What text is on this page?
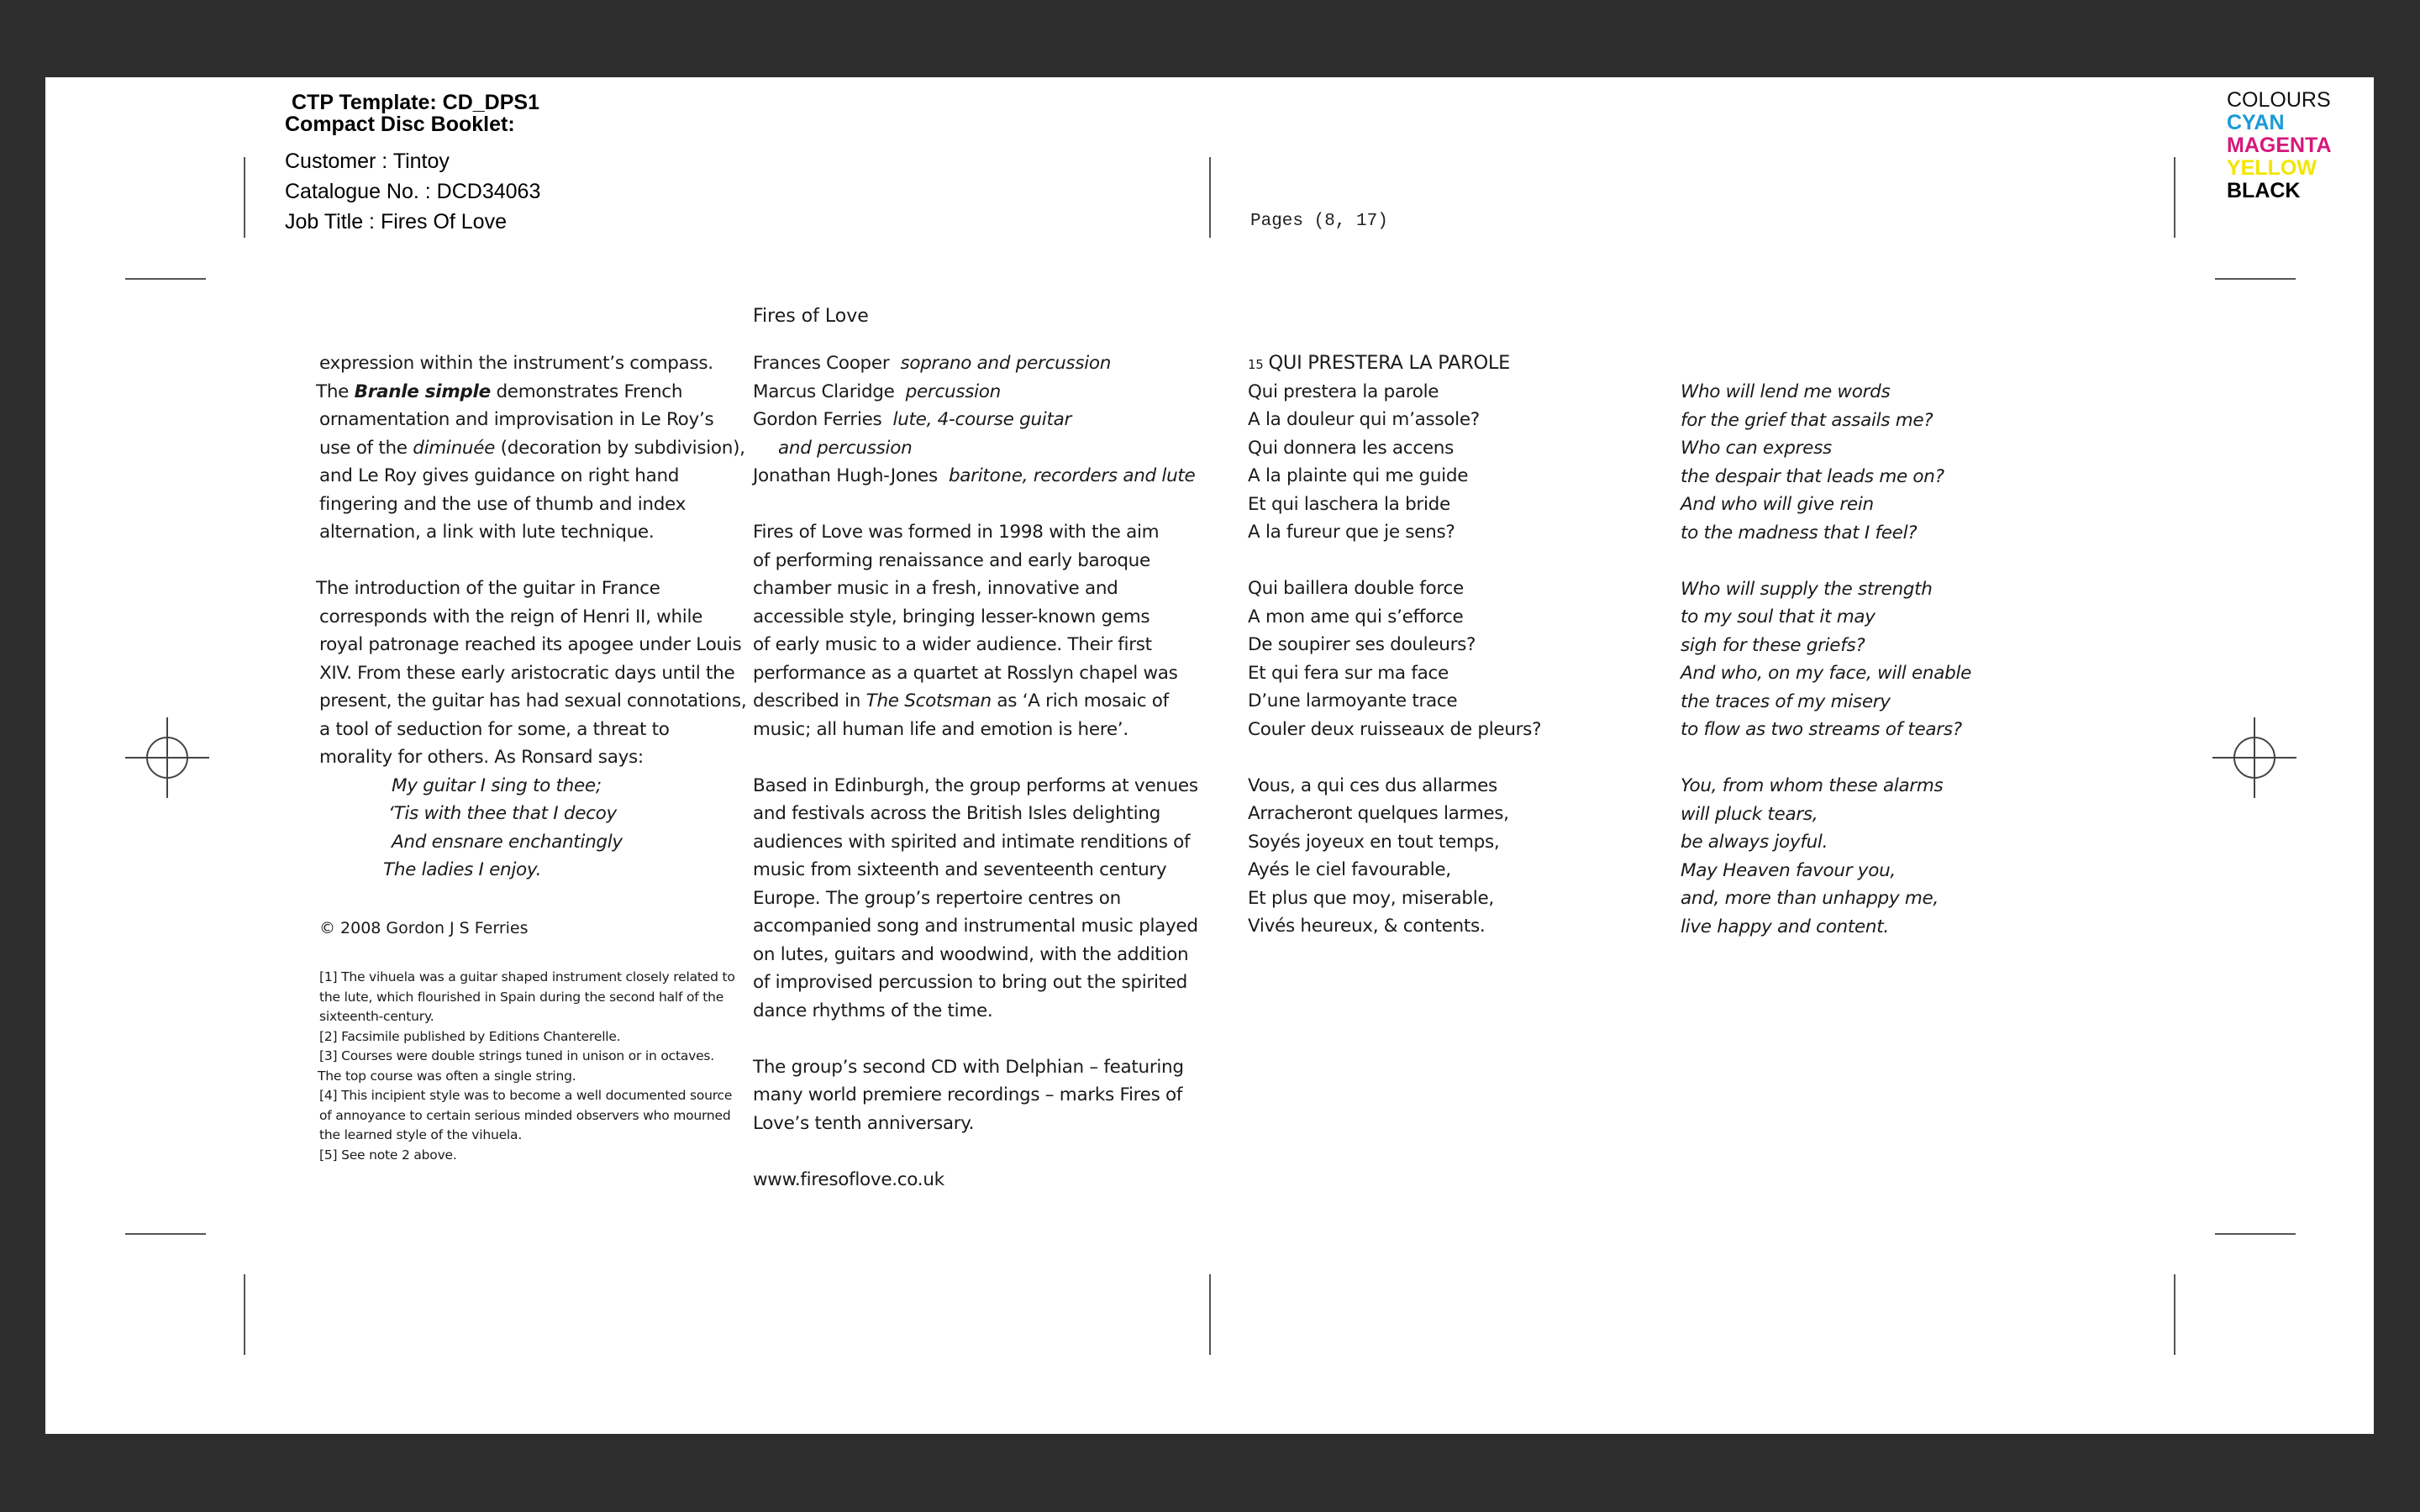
CTP Template: CD_DPS1
Compact Disc Booklet:
Customer : Tintoy
Catalogue No. : DCD34063
Job Title : Fires Of Love	Pages (8, 17)
COLOURS
CYAN
MAGENTA
YELLOW
BLACK
expression within the instrument’s compass.
The Branle simple demonstrates French
ornamentation and improvisation in Le Roy’s
use of the diminuée (decoration by subdivision),
and Le Roy gives guidance on right hand
fingering and the use of thumb and index
alternation, a link with lute technique.
The introduction of the guitar in France
corresponds with the reign of Henri II, while
royal patronage reached its apogee under Louis
XIV. From these early aristocratic days until the
present, the guitar has had sexual connotations,
a tool of seduction for some, a threat to
morality for others. As Ronsard says:
My guitar I sing to thee;
‘Tis with thee that I decoy
And ensnare enchantingly
The ladies I enjoy.
© 2008 Gordon J S Ferries
[1] The vihuela was a guitar shaped instrument closely related to
the lute, which flourished in Spain during the second half of the
sixteenth-century.
[2] Facsimile published by Editions Chanterelle.
[3] Courses were double strings tuned in unison or in octaves.
The top course was often a single string.
[4] This incipient style was to become a well documented source
of annoyance to certain serious minded observers who mourned
the learned style of the vihuela.
[5] See note 2 above.
Fires of Love
Frances Cooper soprano and percussion
Marcus Claridge percussion
Gordon Ferries lute, 4-course guitar
and percussion
Jonathan Hugh-Jones baritone, recorders and lute
Fires of Love was formed in 1998 with the aim
of performing renaissance and early baroque
chamber music in a fresh, innovative and
accessible style, bringing lesser-known gems
of early music to a wider audience. Their first
performance as a quartet at Rosslyn chapel was
described in The Scotsman as ‘A rich mosaic of
music; all human life and emotion is here’.
Based in Edinburgh, the group performs at venues
and festivals across the British Isles delighting
audiences with spirited and intimate renditions of
music from sixteenth and seventeenth century
Europe. The group’s repertoire centres on
accompanied song and instrumental music played
on lutes, guitars and woodwind, with the addition
of improvised percussion to bring out the spirited
dance rhythms of the time.
The group’s second CD with Delphian – featuring
many world premiere recordings – marks Fires of
Love’s tenth anniversary.
www.firesoflove.co.uk
15 QUI PRESTERA LA PAROLE
Qui prestera la parole
A la douleur qui m’assole?
Qui donnera les accens
A la plainte qui me guide
Et qui laschera la bride
A la fureur que je sens?
Qui baillera double force
A mon ame qui s’efforce
De soupirer ses douleurs?
Et qui fera sur ma face
D’une larmoyante trace
Couler deux ruisseaux de pleurs?
Vous, a qui ces dus allarmes
Arracheront quelques larmes,
Soyés joyeux en tout temps,
Ayés le ciel favourable,
Et plus que moy, miserable,
Vivés heureux, & contents.
Who will lend me words
for the grief that assails me?
Who can express
the despair that leads me on?
And who will give rein
to the madness that I feel?
Who will supply the strength
to my soul that it may
sigh for these griefs?
And who, on my face, will enable
the traces of my misery
to flow as two streams of tears?
You, from whom these alarms
will pluck tears,
be always joyful.
May Heaven favour you,
and, more than unhappy me,
live happy and content.
